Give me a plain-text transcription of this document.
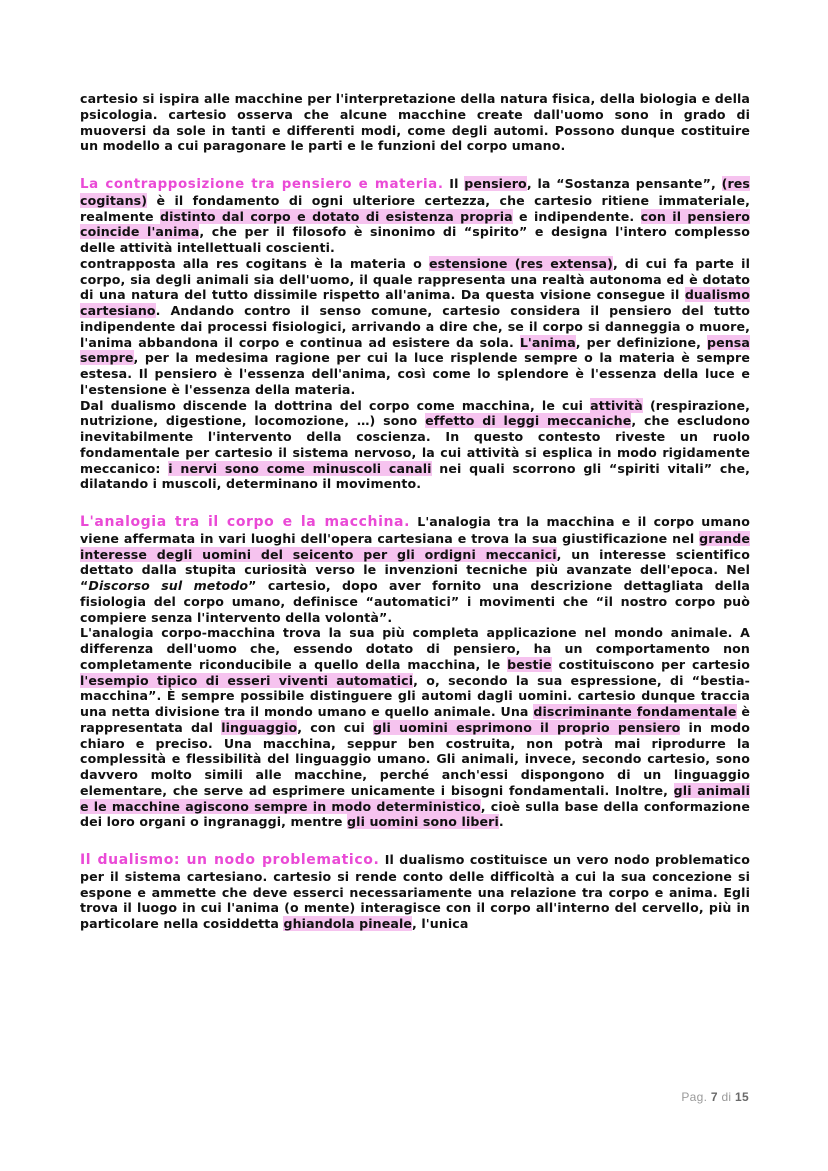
cartesio si ispira alle macchine per l'interpretazione della natura fisica, della biologia e della psicologia. cartesio osserva che alcune macchine create dall'uomo sono in grado di muoversi da sole in tanti e differenti modi, come degli automi. Possono dunque costituire un modello a cui paragonare le parti e le funzioni del corpo umano.

La contrapposizione tra pensiero e materia. Il pensiero, la “Sostanza pensante”, (res cogitans) è il fondamento di ogni ulteriore certezza, che cartesio ritiene immateriale, realmente distinto dal corpo e dotato di esistenza propria e indipendente. con il pensiero coincide l'anima, che per il filosofo è sinonimo di “spirito” e designa l'intero complesso delle attività intellettuali coscienti.

contrapposta alla res cogitans è la materia o estensione (res extensa), di cui fa parte il corpo, sia degli animali sia dell'uomo, il quale rappresenta una realtà autonoma ed è dotato di una natura del tutto dissimile rispetto all'anima. Da questa visione consegue il dualismo cartesiano. Andando contro il senso comune, cartesio considera il pensiero del tutto indipendente dai processi fisiologici, arrivando a dire che, se il corpo si danneggia o muore, l'anima abbandona il corpo e continua ad esistere da sola. L'anima, per definizione, pensa sempre, per la medesima ragione per cui la luce risplende sempre o la materia è sempre estesa. Il pensiero è l'essenza dell'anima, così come lo splendore è l'essenza della luce e l'estensione è l'essenza della materia.

Dal dualismo discende la dottrina del corpo come macchina, le cui attività (respirazione, nutrizione, digestione, locomozione, …) sono effetto di leggi meccaniche, che escludono inevitabilmente l'intervento della coscienza. In questo contesto riveste un ruolo fondamentale per cartesio il sistema nervoso, la cui attività si esplica in modo rigidamente meccanico: i nervi sono come minuscoli canali nei quali scorrono gli “spiriti vitali” che, dilatando i muscoli, determinano il movimento.

L'analogia tra il corpo e la macchina. L'analogia tra la macchina e il corpo umano viene affermata in vari luoghi dell'opera cartesiana e trova la sua giustificazione nel grande interesse degli uomini del seicento per gli ordigni meccanici, un interesse scientifico dettato dalla stupita curiosità verso le invenzioni tecniche più avanzate dell'epoca. Nel “Discorso sul metodo” cartesio, dopo aver fornito una descrizione dettagliata della fisiologia del corpo umano, definisce “automatici” i movimenti che “il nostro corpo può compiere senza l'intervento della volontà”.

L'analogia corpo-macchina trova la sua più completa applicazione nel mondo animale. A differenza dell'uomo che, essendo dotato di pensiero, ha un comportamento non completamente riconducibile a quello della macchina, le bestie costituiscono per cartesio l'esempio tipico di esseri viventi automatici, o, secondo la sua espressione, di “bestia-macchina”. È sempre possibile distinguere gli automi dagli uomini. cartesio dunque traccia una netta divisione tra il mondo umano e quello animale. Una discriminante fondamentale è rappresentata dal linguaggio, con cui gli uomini esprimono il proprio pensiero in modo chiaro e preciso. Una macchina, seppur ben costruita, non potrà mai riprodurre la complessità e flessibilità del linguaggio umano. Gli animali, invece, secondo cartesio, sono davvero molto simili alle macchine, perché anch'essi dispongono di un linguaggio elementare, che serve ad esprimere unicamente i bisogni fondamentali. Inoltre, gli animali e le macchine agiscono sempre in modo deterministico, cioè sulla base della conformazione dei loro organi o ingranaggi, mentre gli uomini sono liberi.

Il dualismo: un nodo problematico. Il dualismo costituisce un vero nodo problematico per il sistema cartesiano. cartesio si rende conto delle difficoltà a cui la sua concezione si espone e ammette che deve esserci necessariamente una relazione tra corpo e anima. Egli trova il luogo in cui l'anima (o mente) interagisce con il corpo all'interno del cervello, più in particolare nella cosiddetta ghiandola pineale, l'unica

Pag. 7 di 15
